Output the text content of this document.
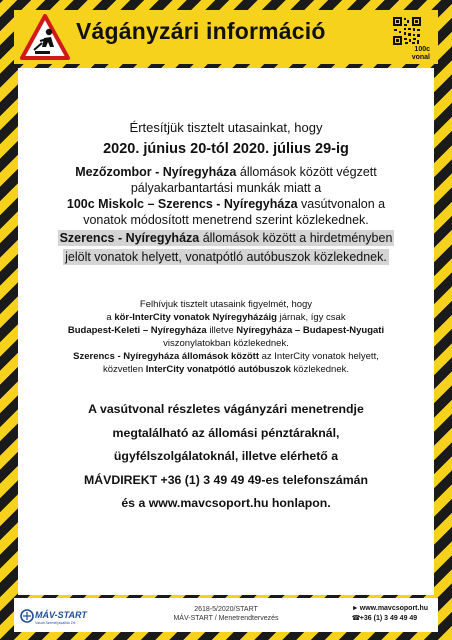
Vágányzári információ
100c
vonal
Értesítjük tisztelt utasainkat, hogy
2020. június 20-tól 2020. július 29-ig
Mezőzombor - Nyíregyháza állomások között végzett
pályakarbantartási munkák miatt a
100c Miskolc – Szerencs - Nyíregyháza vasútvonalon a
vonatok módosított menetrend szerint közlekednek.
Szerencs - Nyíregyháza állomások között a hirdetményben
jelölt vonatok helyett, vonatpótló autóbuszok közlekednek.
Felhívjuk tisztelt utasaink figyelmét, hogy
a kör-InterCity vonatok Nyíregyházáig járnak, így csak
Budapest-Keleti – Nyíregyháza illetve Nyíregyháza – Budapest-Nyugati
viszonylatokban közlekednek.
Szerencs - Nyíregyháza állomások között az InterCity vonatok helyett,
közvetlen InterCity vonatpótló autóbuszok közlekednek.
A vasútvonal részletes vágányzári menetrendje
megtalálható az állomási pénztáraknál,
ügyfélszolgálatoknál, illetve elérhető a
MÁVDIREKT +36 (1) 3 49 49 49-es telefonszámán
és a www.mavcsoport.hu honlapon.
MÁV-START
Vasúti Személyszállító Zrt.
2618-5/2020/START
MÁV-START / Menetrendtervezés
►www.mavcsoport.hu
☎+36 (1) 3 49 49 49
